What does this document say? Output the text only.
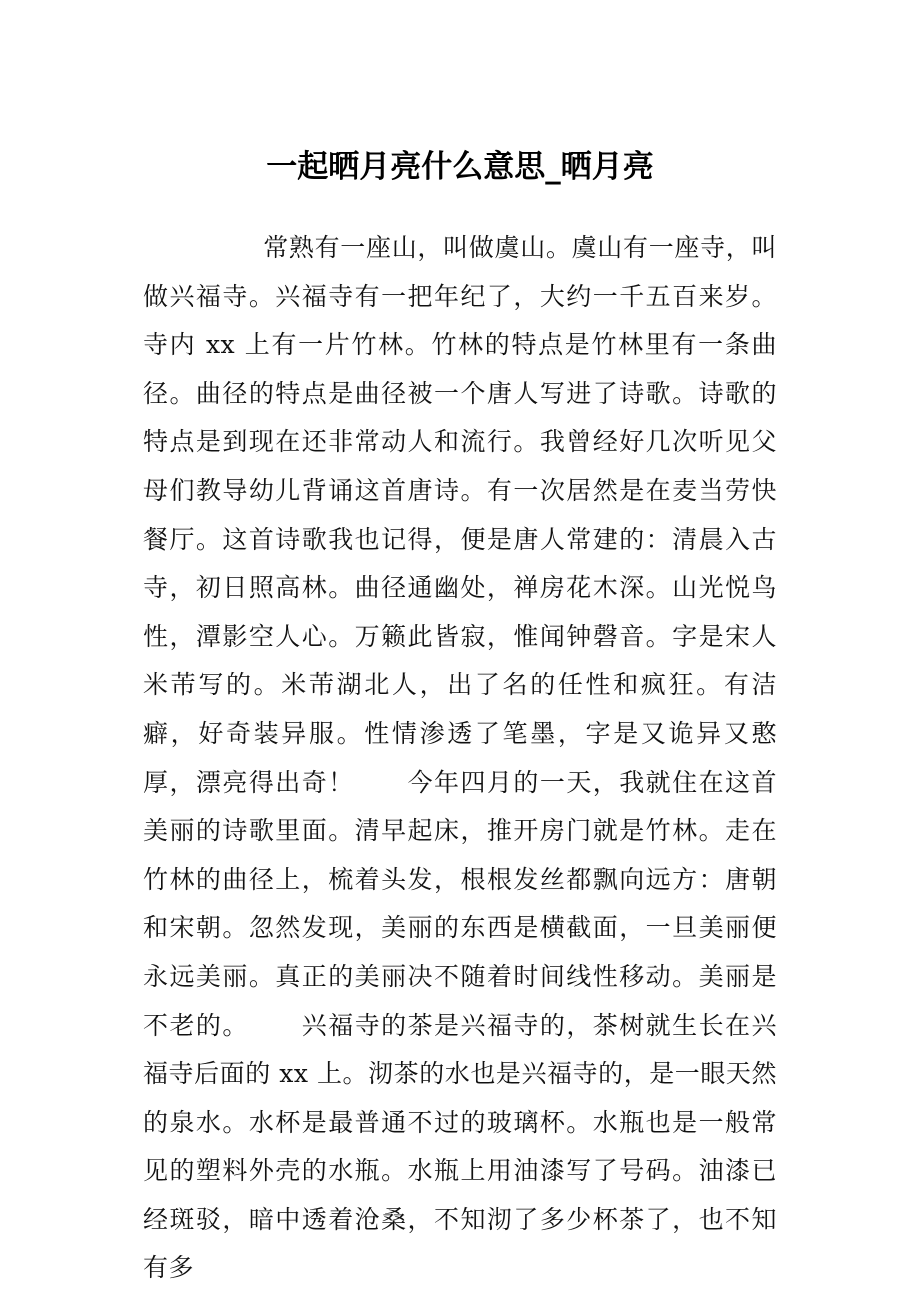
一起晒月亮什么意思_晒月亮

常熟有一座山，叫做虞山。虞山有一座寺，叫做兴福寺。兴福寺有一把年纪了，大约一千五百来岁。寺内 xx 上有一片竹林。竹林的特点是竹林里有一条曲径。曲径的特点是曲径被一个唐人写进了诗歌。诗歌的特点是到现在还非常动人和流行。我曾经好几次听见父母们教导幼儿背诵这首唐诗。有一次居然是在麦当劳快餐厅。这首诗歌我也记得，便是唐人常建的：清晨入古寺，初日照高林。曲径通幽处，禅房花木深。山光悦鸟性，潭影空人心。万籁此皆寂，惟闻钟磬音。字是宋人米芾写的。米芾湖北人，出了名的任性和疯狂。有洁癖，好奇装异服。性情渗透了笔墨，字是又诡异又憨厚，漂亮得出奇！ 今年四月的一天，我就住在这首美丽的诗歌里面。清早起床，推开房门就是竹林。走在竹林的曲径上，梳着头发，根根发丝都飘向远方：唐朝和宋朝。忽然发现，美丽的东西是横截面，一旦美丽便永远美丽。真正的美丽决不随着时间线性移动。美丽是不老的。 兴福寺的茶是兴福寺的，茶树就生长在兴福寺后面的 xx 上。沏茶的水也是兴福寺的，是一眼天然的泉水。水杯是最普通不过的玻璃杯。水瓶也是一般常见的塑料外壳的水瓶。水瓶上用油漆写了号码。油漆已经斑驳，暗中透着沧桑，不知沏了多少杯茶了，也不知有多
